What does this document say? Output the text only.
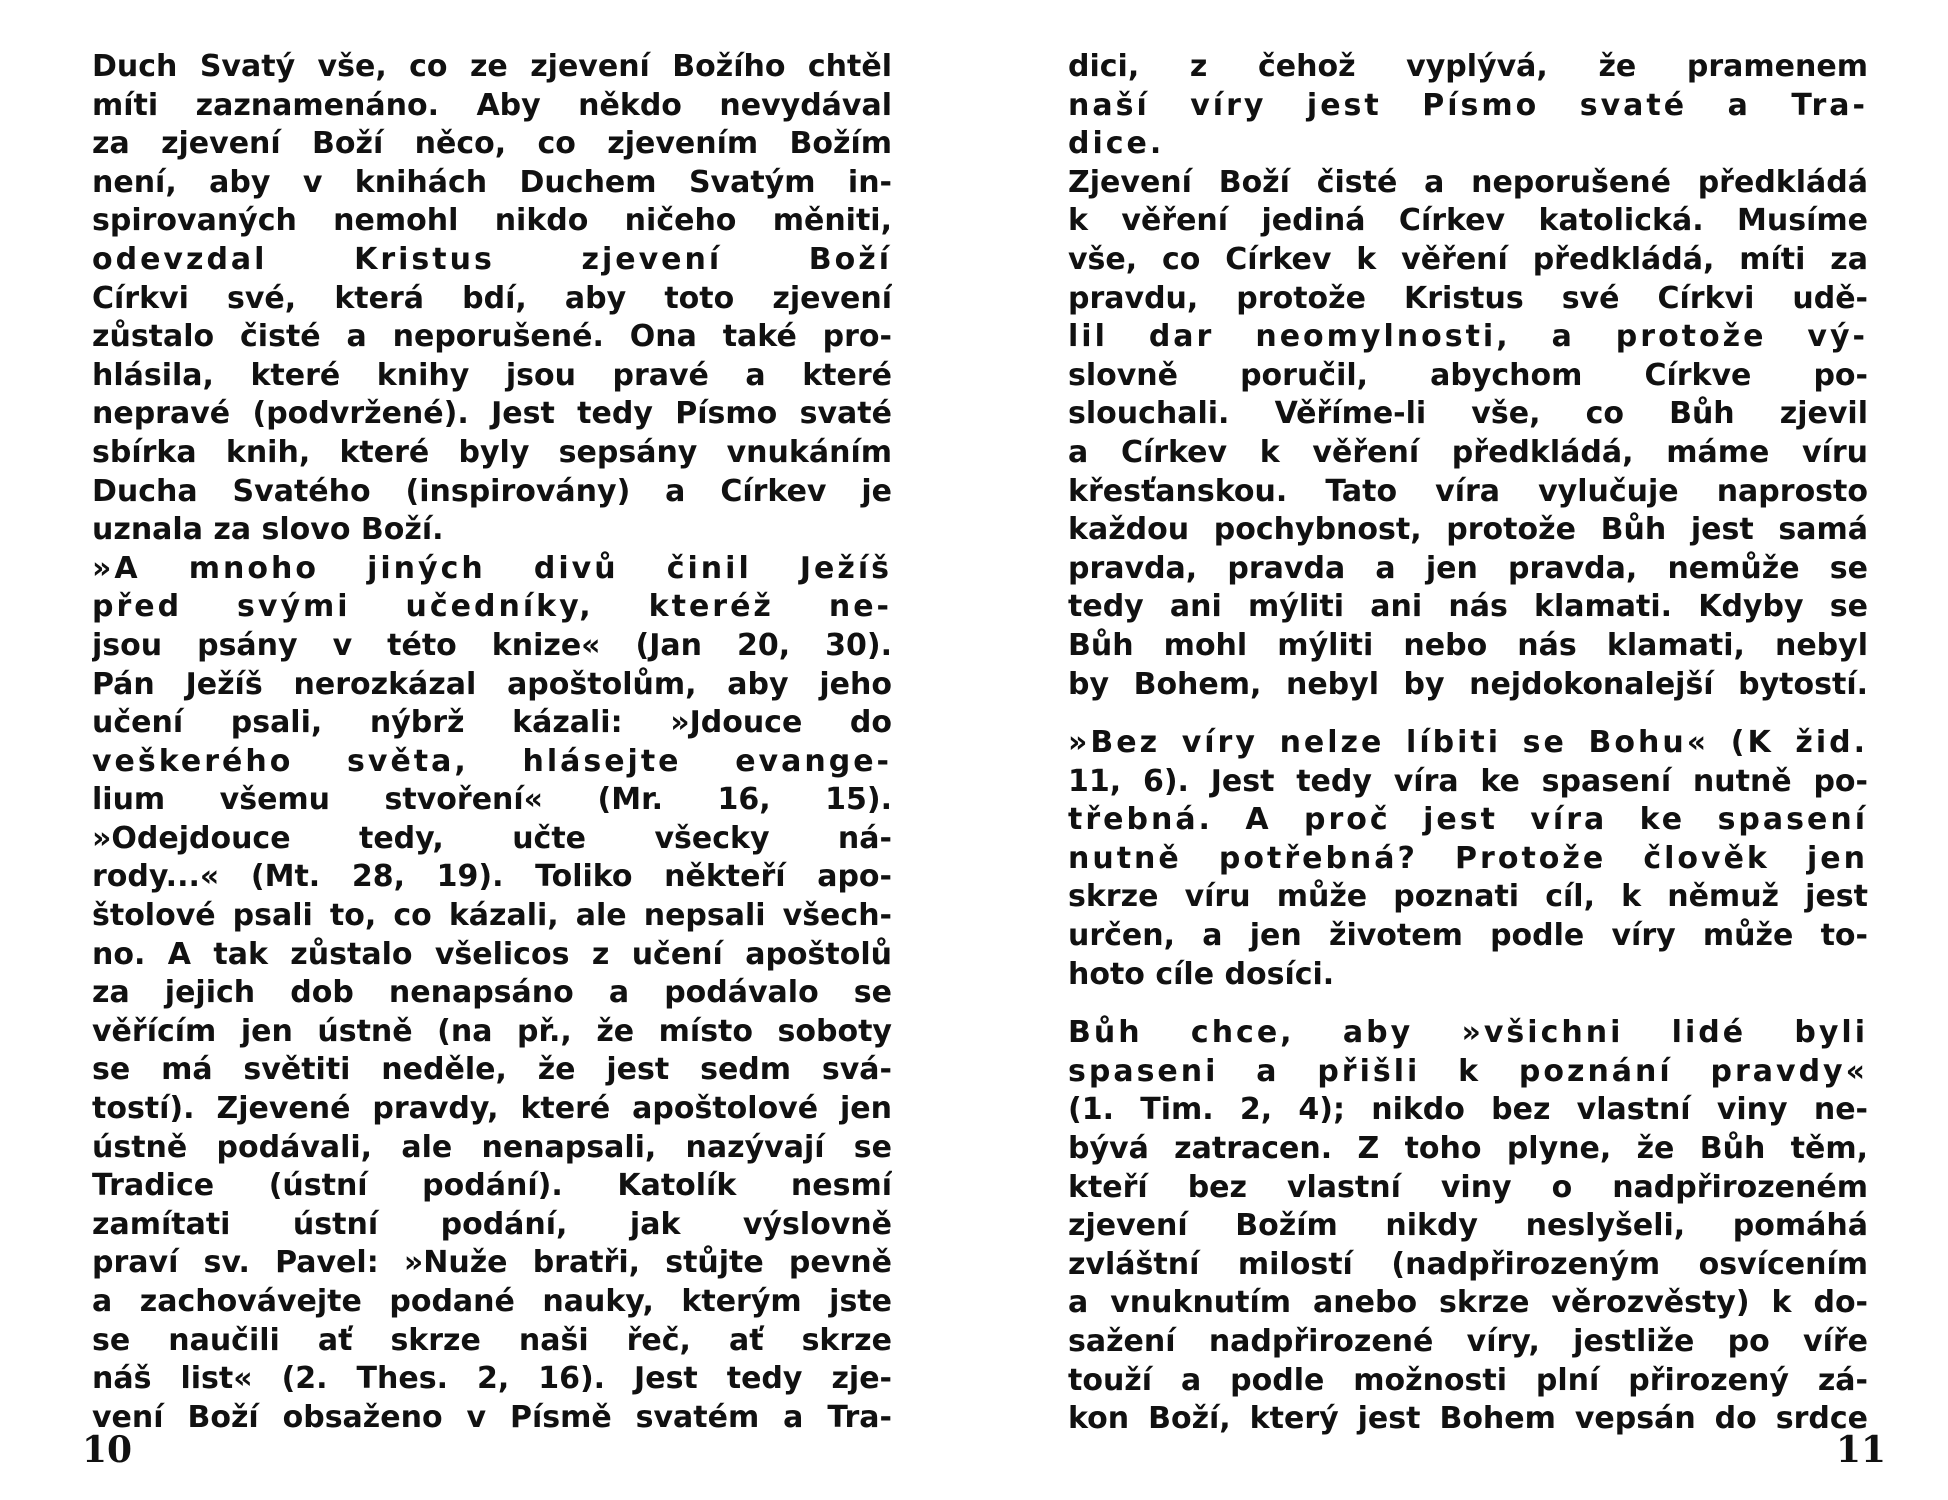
Duch Svatý vše, co ze zjevení Božího chtěl
míti zaznamenáno. Aby někdo nevydával
za zjevení Boží něco, co zjevením Božím
není, aby v knihách Duchem Svatým in-
spirovaných nemohl nikdo ničeho měniti,
odevzdal Kristus zjevení Boží
Církvi své, která bdí, aby toto zjevení
zůstalo čisté a neporušené. Ona také pro-
hlásila, které knihy jsou pravé a které
nepravé (podvržené). Jest tedy Písmo svaté
sbírka knih, které byly sepsány vnukáním
Ducha Svatého (inspirovány) a Církev je
uznala za slovo Boží.
»A mnoho jiných divů činil Ježíš
před svými učedníky, kteréž ne-
jsou psány v této knize« (Jan 20, 30).
Pán Ježíš nerozkázal apoštolům, aby jeho
učení psali, nýbrž kázali: »Jdouce do
veškerého světa, hlásejte evange-
lium všemu stvoření« (Mr. 16, 15).
»Odejdouce tedy, učte všecky ná-
rody...« (Mt. 28, 19). Toliko někteří apo-
štolové psali to, co kázali, ale nepsali všech-
no. A tak zůstalo všelicos z učení apoštolů
za jejich dob nenapsáno a podávalo se
věřícím jen ústně (na př., že místo soboty
se má světiti neděle, že jest sedm svá-
tostí). Zjevené pravdy, které apoštolové jen
ústně podávali, ale nenapsali, nazývají se
Tradice (ústní podání). Katolík nesmí
zamítati ústní podání, jak výslovně
praví sv. Pavel: »Nuže bratři, stůjte pevně
a zachovávejte podané nauky, kterým jste
se naučili ať skrze naši řeč, ať skrze
náš list« (2. Thes. 2, 16). Jest tedy zje-
vení Boží obsaženo v Písmě svatém a Tra-
10
dici, z čehož vyplývá, že pramenem
naší víry jest Písmo svaté a Tra-
dice.
Zjevení Boží čisté a neporušené předkládá
k věření jediná Církev katolická. Musíme
vše, co Církev k věření předkládá, míti za
pravdu, protože Kristus své Církvi udě-
lil dar neomylnosti, a protože vý-
slovně poručil, abychom Církve po-
slouchali. Věříme-li vše, co Bůh zjevil
a Církev k věření předkládá, máme víru
křesťanskou. Tato víra vylučuje naprosto
každou pochybnost, protože Bůh jest samá
pravda, pravda a jen pravda, nemůže se
tedy ani mýliti ani nás klamati. Kdyby se
Bůh mohl mýliti nebo nás klamati, nebyl
by Bohem, nebyl by nejdokonalejší bytostí.
»Bez víry nelze líbiti se Bohu« (K žid.
11, 6). Jest tedy víra ke spasení nutně po-
třebná. A proč jest víra ke spasení
nutně potřebná? Protože člověk jen
skrze víru může poznati cíl, k němuž jest
určen, a jen životem podle víry může to-
hoto cíle dosíci.
Bůh chce, aby »všichni lidé byli
spaseni a přišli k poznání pravdy«
(1. Tim. 2, 4); nikdo bez vlastní viny ne-
bývá zatracen. Z toho plyne, že Bůh těm,
kteří bez vlastní viny o nadpřirozeném
zjevení Božím nikdy neslyšeli, pomáhá
zvláštní milostí (nadpřirozeným osvícením
a vnuknutím anebo skrze věrozvěsty) k do-
sažení nadpřirozené víry, jestliže po víře
touží a podle možnosti plní přirozený zá-
kon Boží, který jest Bohem vepsán do srdce
11
